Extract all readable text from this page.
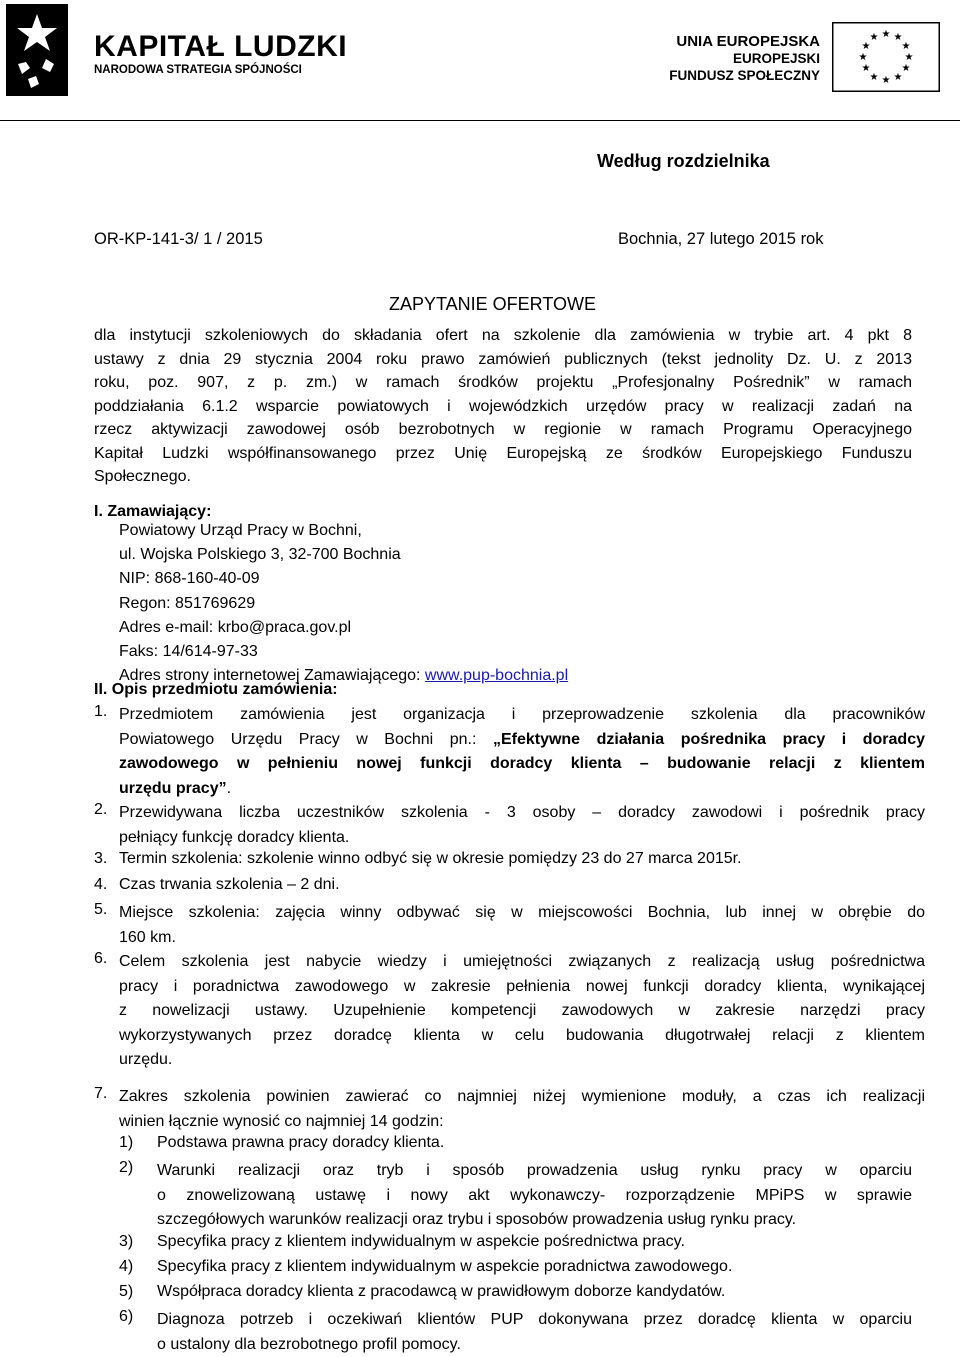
KAPITAŁ LUDZKI
NARODOWA STRATEGIA SPÓJNOŚCI
UNIA EUROPEJSKA
EUROPEJSKI
FUNDUSZ SPOŁECZNY
★ ★
★
★
★
★
★
★
★
★
★
★
Według rozdzielnika
OR-KP-141-3/ 1 / 2015	Bochnia, 27 lutego 2015 rok
ZAPYTANIE OFERTOWE
dla instytucji szkoleniowych do składania ofert na szkolenie dla zamówienia w trybie art. 4 pkt 8
ustawy z dnia 29 stycznia 2004 roku prawo zamówień publicznych (tekst jednolity Dz. U. z 2013
roku, poz. 907, z p. zm.) w ramach środków projektu „Profesjonalny Pośrednik” w ramach
poddziałania 6.1.2 wsparcie powiatowych i wojewódzkich urzędów pracy w realizacji zadań na
rzecz aktywizacji zawodowej osób bezrobotnych w regionie w ramach Programu Operacyjnego
Kapitał Ludzki współfinansowanego przez Unię Europejską ze środków Europejskiego Funduszu
Społecznego.
I. Zamawiający:
Powiatowy Urząd Pracy w Bochni,
ul. Wojska Polskiego 3, 32-700 Bochnia
NIP: 868-160-40-09
Regon: 851769629
Adres e-mail: krbo@praca.gov.pl
Faks: 14/614-97-33
Adres strony internetowej Zamawiającego: www.pup-bochnia.pl
II. Opis przedmiotu zamówienia:
1. Przedmiotem zamówienia jest organizacja i przeprowadzenie szkolenia dla pracowników
Powiatowego Urzędu Pracy w Bochni pn.: „Efektywne działania pośrednika pracy i doradcy
zawodowego w pełnieniu nowej funkcji doradcy klienta – budowanie relacji z klientem
urzędu pracy”.
2. Przewidywana liczba uczestników szkolenia - 3 osoby – doradcy zawodowi i pośrednik pracy
pełniący funkcję doradcy klienta.
3. Termin szkolenia: szkolenie winno odbyć się w okresie pomiędzy 23 do 27 marca 2015r.
4. Czas trwania szkolenia – 2 dni.
5. Miejsce szkolenia: zajęcia winny odbywać się w miejscowości Bochnia, lub innej w obrębie do
160 km.
6. Celem szkolenia jest nabycie wiedzy i umiejętności związanych z realizacją usług pośrednictwa
pracy i poradnictwa zawodowego w zakresie pełnienia nowej funkcji doradcy klienta, wynikającej
z nowelizacji ustawy. Uzupełnienie kompetencji zawodowych w zakresie narzędzi pracy
wykorzystywanych przez doradcę klienta w celu budowania długotrwałej relacji z klientem
urzędu.
7. Zakres szkolenia powinien zawierać co najmniej niżej wymienione moduły, a czas ich realizacji
winien łącznie wynosić co najmniej 14 godzin:
1) Podstawa prawna pracy doradcy klienta.
2) Warunki realizacji oraz tryb i sposób prowadzenia usług rynku pracy w oparciu
o znowelizowaną ustawę i nowy akt wykonawczy- rozporządzenie MPiPS w sprawie
szczegółowych warunków realizacji oraz trybu i sposobów prowadzenia usług rynku pracy.
3) Specyfika pracy z klientem indywidualnym w aspekcie pośrednictwa pracy.
4) Specyfika pracy z klientem indywidualnym w aspekcie poradnictwa zawodowego.
5) Współpraca doradcy klienta z pracodawcą w prawidłowym doborze kandydatów.
6) Diagnoza potrzeb i oczekiwań klientów PUP dokonywana przez doradcę klienta w oparciu
o ustalony dla bezrobotnego profil pomocy.
